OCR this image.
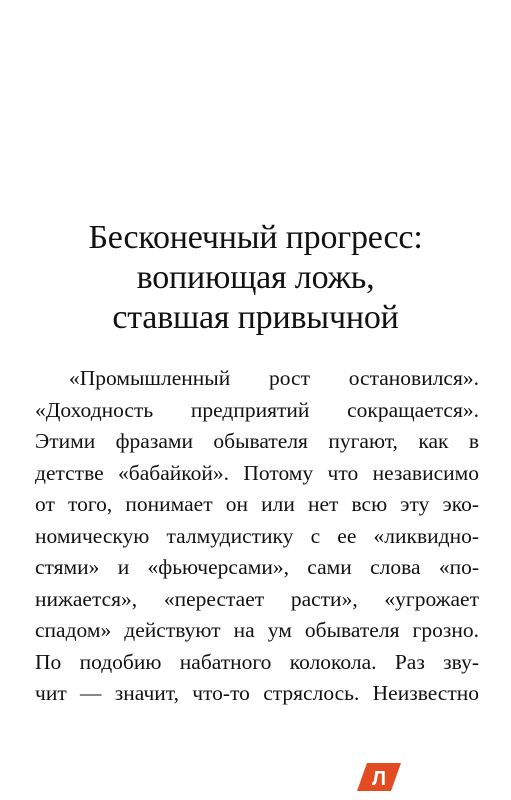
Бесконечный прогресс:
вопиющая ложь,
ставшая привычной
«Промышленный рост остановился».
«Доходность предприятий сокращается».
Этими фразами обывателя пугают, как в
детстве «бабайкой». Потому что независимо
от того, понимает он или нет всю эту эко-
номическую талмудистику с ее «ликвидно-
стями» и «фьючерсами», сами слова «по-
нижается», «перестает расти», «угрожает
спадом» действуют на ум обывателя грозно.
По подобию набатного колокола. Раз зву-
чит — значит, что-то стряслось. Неизвестно
Л
